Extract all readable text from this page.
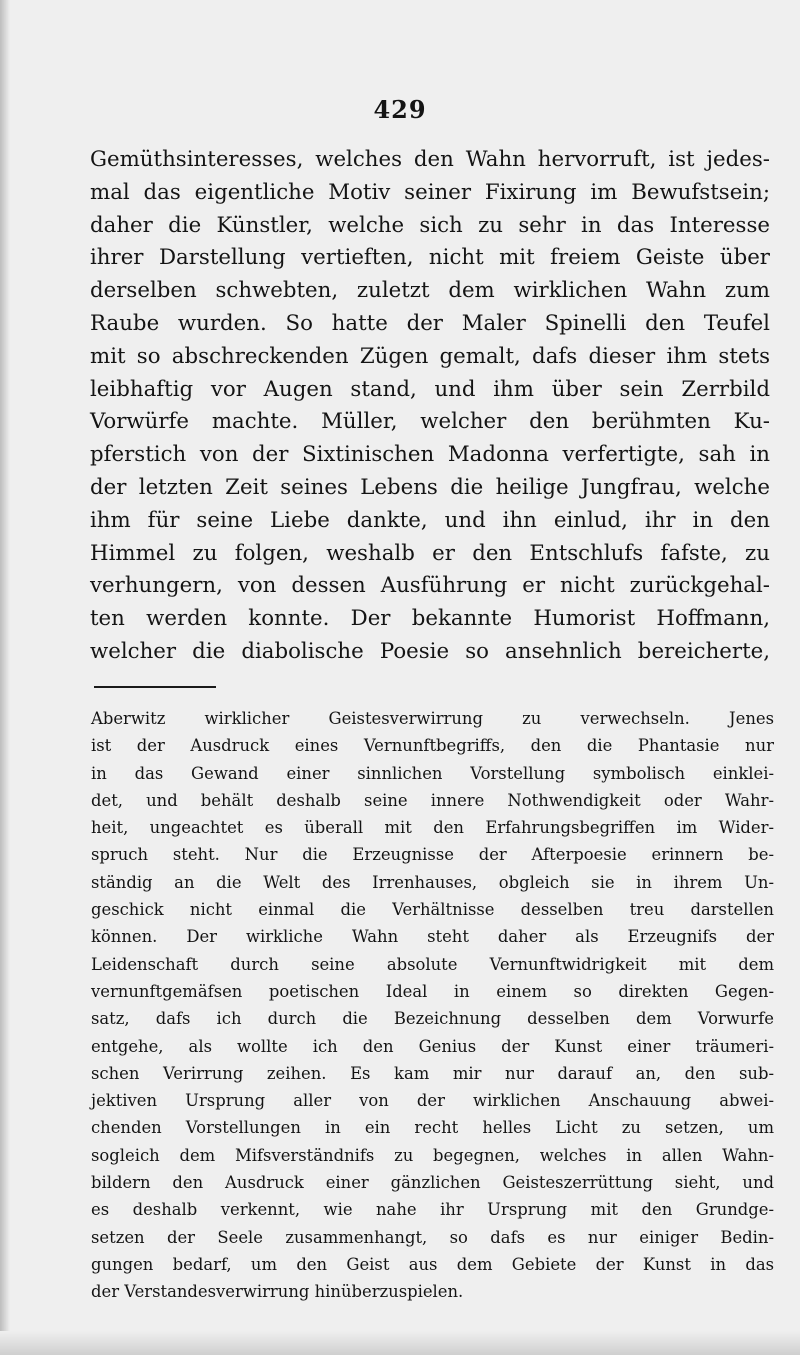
429
Gemüthsinteresses, welches den Wahn hervorruft, ist jedes-
mal das eigentliche Motiv seiner Fixirung im Bewufstsein;
daher die Künstler, welche sich zu sehr in das Interesse
ihrer Darstellung vertieften, nicht mit freiem Geiste über
derselben schwebten, zuletzt dem wirklichen Wahn zum
Raube wurden. So hatte der Maler Spinelli den Teufel
mit so abschreckenden Zügen gemalt, dafs dieser ihm stets
leibhaftig vor Augen stand, und ihm über sein Zerrbild
Vorwürfe machte. Müller, welcher den berühmten Ku-
pferstich von der Sixtinischen Madonna verfertigte, sah in
der letzten Zeit seines Lebens die heilige Jungfrau, welche
ihm für seine Liebe dankte, und ihn einlud, ihr in den
Himmel zu folgen, weshalb er den Entschlufs fafste, zu
verhungern, von dessen Ausführung er nicht zurückgehal-
ten werden konnte. Der bekannte Humorist Hoffmann,
welcher die diabolische Poesie so ansehnlich bereicherte,
Aberwitz wirklicher Geistesverwirrung zu verwechseln. Jenes
ist der Ausdruck eines Vernunftbegriffs, den die Phantasie nur
in das Gewand einer sinnlichen Vorstellung symbolisch einklei-
det, und behält deshalb seine innere Nothwendigkeit oder Wahr-
heit, ungeachtet es überall mit den Erfahrungsbegriffen im Wider-
spruch steht. Nur die Erzeugnisse der Afterpoesie erinnern be-
ständig an die Welt des Irrenhauses, obgleich sie in ihrem Un-
geschick nicht einmal die Verhältnisse desselben treu darstellen
können. Der wirkliche Wahn steht daher als Erzeugnifs der
Leidenschaft durch seine absolute Vernunftwidrigkeit mit dem
vernunftgemäfsen poetischen Ideal in einem so direkten Gegen-
satz, dafs ich durch die Bezeichnung desselben dem Vorwurfe
entgehe, als wollte ich den Genius der Kunst einer träumeri-
schen Verirrung zeihen. Es kam mir nur darauf an, den sub-
jektiven Ursprung aller von der wirklichen Anschauung abwei-
chenden Vorstellungen in ein recht helles Licht zu setzen, um
sogleich dem Mifsverständnifs zu begegnen, welches in allen Wahn-
bildern den Ausdruck einer gänzlichen Geisteszerrüttung sieht, und
es deshalb verkennt, wie nahe ihr Ursprung mit den Grundge-
setzen der Seele zusammenhangt, so dafs es nur einiger Bedin-
gungen bedarf, um den Geist aus dem Gebiete der Kunst in das
der Verstandesverwirrung hinüberzuspielen.
